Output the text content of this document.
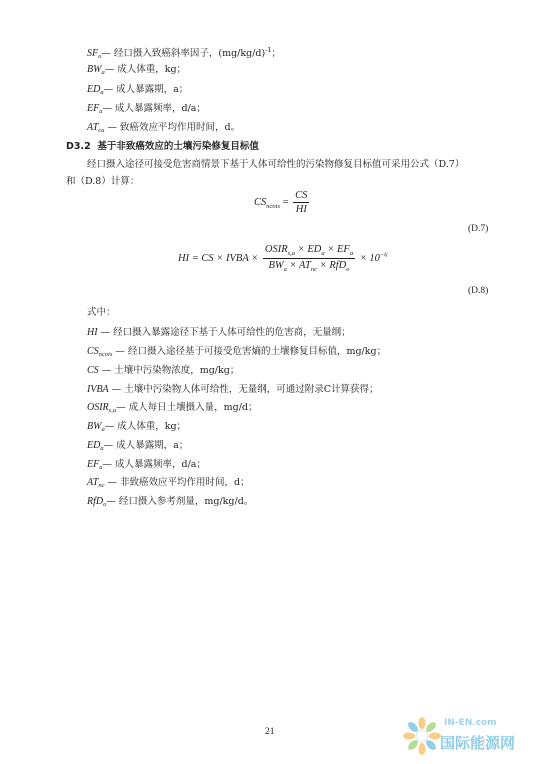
$SF_o—$ 经口摄入致癌斜率因子，$(mg/kg/d)^{-1}$；
$BW_a—$ 成人体重，kg；
$ED_a—$ 成人暴露期，a；
$EF_a—$ 成人暴露频率，d/a；
$AT_{ca}$ — 致癌效应平均作用时间，d。
D3.2 基于非致癌效应的土壤污染修复目标值
经口摄入途径可接受危害商情景下基于人体可给性的污染物修复目标值可采用公式（D.7）
和（D.8）计算：
$CS_{ncois} = \frac{CS}{HI}$
(D.7)
HI = CS × IVBA × $\frac{OSIR_{s,a} \times ED_a \times EF_a}{BW_a \times AT_{nc} \times RfD_o} \times 10^{-6}$
(D.8)
式中：
HI — 经口摄入暴露途径下基于人体可给性的危害商，无量纲；
$CS_{ncois}$ — 经口摄入途径基于可接受危害熵的土壤修复目标值，mg/kg；
CS — 土壤中污染物浓度，mg/kg；
IVBA — 土壤中污染物人体可给性，无量纲，可通过附录C计算获得；
$OSIR_{s,a}—$ 成人每日土壤摄入量，mg/d；
$BW_a—$ 成人体重，kg；
$ED_a—$ 成人暴露期，a；
$EF_a—$ 成人暴露频率，d/a；
$AT_{nc}$ — 非致癌效应平均作用时间，d；
RfD$_o$— 经口摄入参考剂量，mg/kg/d。
21
IN-EN.com
国际能源网
